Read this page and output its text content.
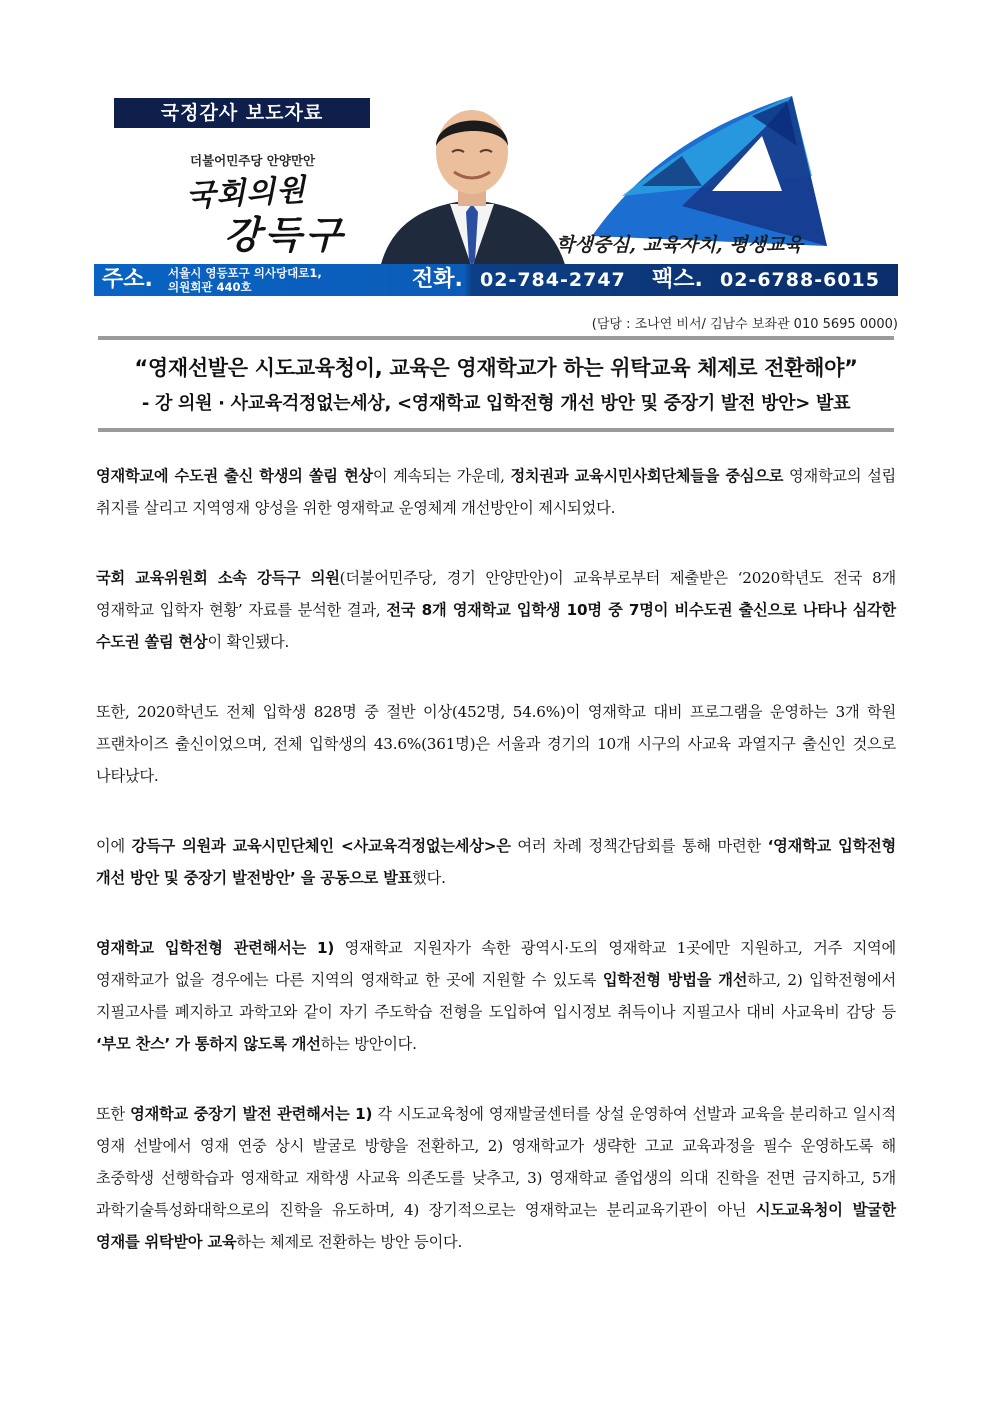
국정감사 보도자료
더불어민주당 안양만안
국회의원
강득구	학생중심, 교육자치, 평생교육
주소. 서울시 영등포구 의사당대로1,
의원회관 440호	전화. 02-784-2747 팩스. 02-6788-6015
(담당 : 조나연 비서/ 김남수 보좌관 010 5695 0000)
“영재선발은 시도교육청이, 교육은 영재학교가 하는 위탁교육 체제로 전환해야”
- 강 의원 · 사교육걱정없는세상, <영재학교 입학전형 개선 방안 및 중장기 발전 방안> 발표

영재학교에 수도권 출신 학생의 쏠림 현상이 계속되는 가운데, 정치권과 교육시민사회단체들을 중심으로 영재학교의 설립 취지를 살리고 지역영재 양성을 위한 영재학교 운영체계 개선방안이 제시되었다.

국회 교육위원회 소속 강득구 의원(더불어민주당, 경기 안양만안)이 교육부로부터 제출받은 ‘2020학년도 전국 8개 영재학교 입학자 현황’ 자료를 분석한 결과, 전국 8개 영재학교 입학생 10명 중 7명이 비수도권 출신으로 나타나 심각한 수도권 쏠림 현상이 확인됐다.

또한, 2020학년도 전체 입학생 828명 중 절반 이상(452명, 54.6%)이 영재학교 대비 프로그램을 운영하는 3개 학원 프랜차이즈 출신이었으며, 전체 입학생의 43.6%(361명)은 서울과 경기의 10개 시구의 사교육 과열지구 출신인 것으로 나타났다.

이에 강득구 의원과 교육시민단체인 <사교육걱정없는세상>은 여러 차례 정책간담회를 통해 마련한 ‘영재학교 입학전형 개선 방안 및 중장기 발전방안’ 을 공동으로 발표했다.

영재학교 입학전형 관련해서는 1) 영재학교 지원자가 속한 광역시·도의 영재학교 1곳에만 지원하고, 거주 지역에 영재학교가 없을 경우에는 다른 지역의 영재학교 한 곳에 지원할 수 있도록 입학전형 방법을 개선하고, 2) 입학전형에서 지필고사를 폐지하고 과학고와 같이 자기 주도학습 전형을 도입하여 입시정보 취득이나 지필고사 대비 사교육비 감당 등 ‘부모 찬스’ 가 통하지 않도록 개선하는 방안이다.

또한 영재학교 중장기 발전 관련해서는 1) 각 시도교육청에 영재발굴센터를 상설 운영하여 선발과 교육을 분리하고 일시적 영재 선발에서 영재 연중 상시 발굴로 방향을 전환하고, 2) 영재학교가 생략한 고교 교육과정을 필수 운영하도록 해 초중학생 선행학습과 영재학교 재학생 사교육 의존도를 낮추고, 3) 영재학교 졸업생의 의대 진학을 전면 금지하고, 5개 과학기술특성화대학으로의 진학을 유도하며, 4) 장기적으로는 영재학교는 분리교육기관이 아닌 시도교육청이 발굴한 영재를 위탁받아 교육하는 체제로 전환하는 방안 등이다.
